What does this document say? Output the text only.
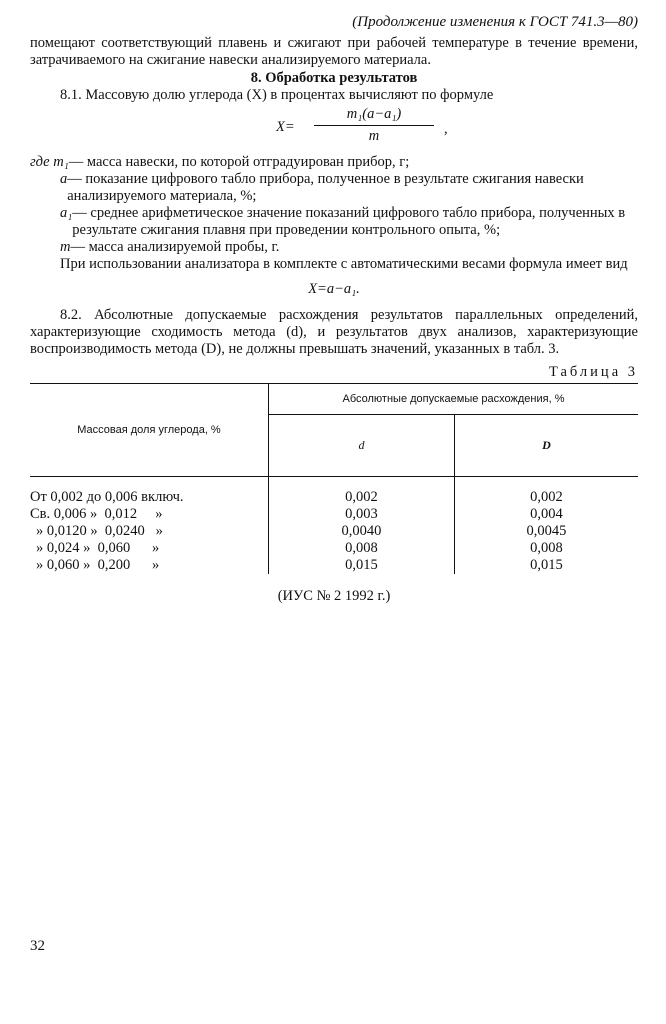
(Продолжение изменения к ГОСТ 741.3—80)

помещают соответствующий плавень и сжигают при рабочей температуре в течение времени, затрачиваемого на сжигание навески анализируемого материала.

8. Обработка результатов

8.1. Массовую долю углерода (X) в процентах вычисляют по формуле

$X= \frac{\text{m₁(a−a₁)}}{m}$ ,
где m₁ — масса навески, по которой отградуирован прибор, г;
a — показание цифрового табло прибора, полученное в результате сжигания навески анализируемого материала, %;
a₁ — среднее арифметическое значение показаний цифрового табло прибора, полученных в результате сжигания плавня при проведении контрольного опыта, %;
m — масса анализируемой пробы, г.

При использовании анализатора в комплекте с автоматическими весами формула имеет вид

X=a−a₁.

8.2. Абсолютные допускаемые расхождения результатов параллельных определений, характеризующие сходимость метода (d), и результатов двух анализов, характеризующие воспроизводимость метода (D), не должны превышать значений, указанных в табл. 3.

Таблица 3
Массовая доля углерода, %	Абсолютные допускаемые расхождения, %	
	d	D

От 0,002 до 0,006 включ.	0,002	0,002
Св. 0,006 »  0,012     »	0,003	0,004
» 0,0120 »  0,0240   »	0,0040	0,0045
» 0,024 »  0,060      »	0,008	0,008
» 0,060 »  0,200      »	0,015	0,015
(ИУС № 2 1992 г.)
32
